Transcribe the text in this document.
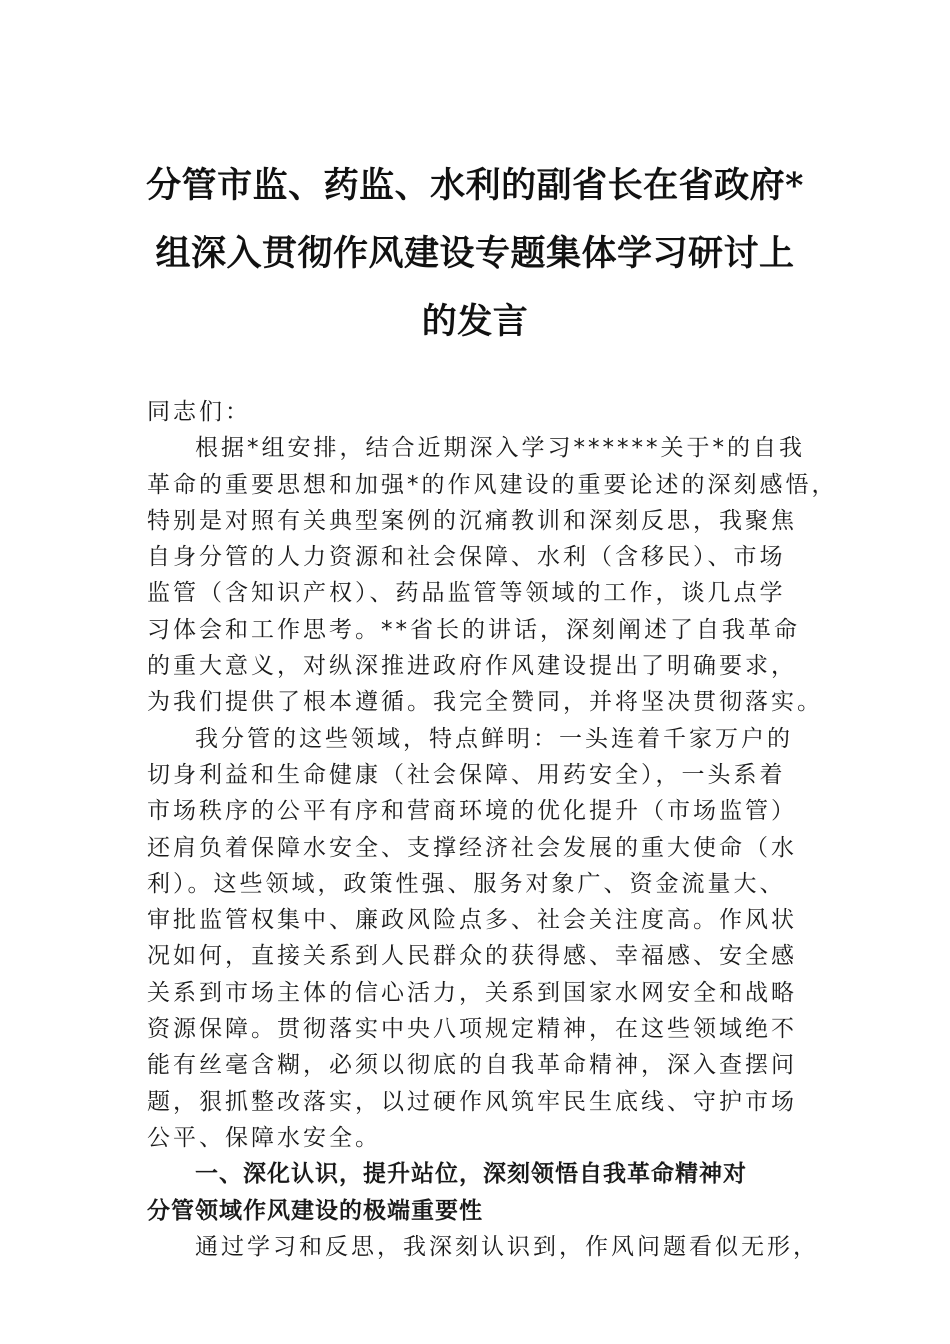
分管市监、药监、水利的副省长在省政府*
组深入贯彻作风建设专题集体学习研讨上
的发言
同志们：
根据*组安排，结合近期深入学习******关于*的自我
革命的重要思想和加强*的作风建设的重要论述的深刻感悟，
特别是对照有关典型案例的沉痛教训和深刻反思，我聚焦
自身分管的人力资源和社会保障、水利（含移民）、市场
监管（含知识产权）、药品监管等领域的工作，谈几点学
习体会和工作思考。**省长的讲话，深刻阐述了自我革命
的重大意义，对纵深推进政府作风建设提出了明确要求，
为我们提供了根本遵循。我完全赞同，并将坚决贯彻落实。
我分管的这些领域，特点鲜明：一头连着千家万户的
切身利益和生命健康（社会保障、用药安全），一头系着
市场秩序的公平有序和营商环境的优化提升（市场监管）
还肩负着保障水安全、支撑经济社会发展的重大使命（水
利）。这些领域，政策性强、服务对象广、资金流量大、
审批监管权集中、廉政风险点多、社会关注度高。作风状
况如何，直接关系到人民群众的获得感、幸福感、安全感
关系到市场主体的信心活力，关系到国家水网安全和战略
资源保障。贯彻落实中央八项规定精神，在这些领域绝不
能有丝毫含糊，必须以彻底的自我革命精神，深入查摆问
题，狠抓整改落实，以过硬作风筑牢民生底线、守护市场
公平、保障水安全。
一、深化认识，提升站位，深刻领悟自我革命精神对
分管领域作风建设的极端重要性
通过学习和反思，我深刻认识到，作风问题看似无形，
